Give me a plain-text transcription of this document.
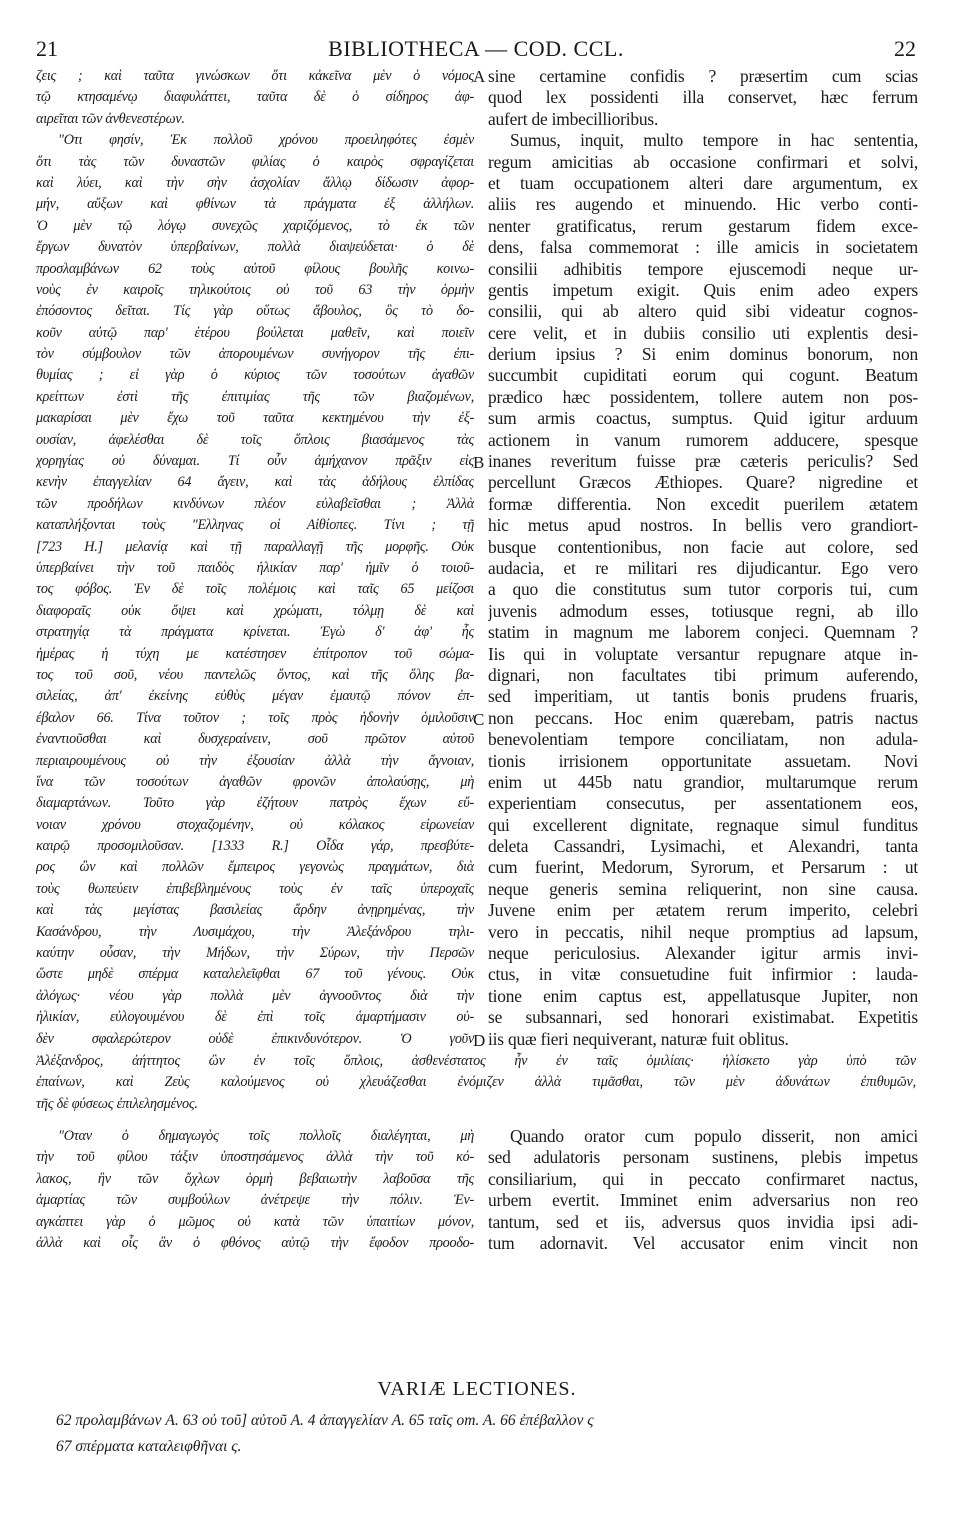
21	BIBLIOTHECA — COD. CCL.	22
ζεις ; καὶ ταῦτα γινώσκων ὅτι κἀκεῖνα μὲν ὁ νόμος
τῷ κτησαμένῳ διαφυλάττει, ταῦτα δὲ ὁ σίδηρος ἀφ-
αιρεῖται τῶν ἀνθενεστέρων.
"Οτι φησίν, Ἐκ πολλοῦ χρόνου προειληφότες ἐσμὲν
ὅτι τὰς τῶν δυναστῶν φιλίας ὁ καιρὸς σφραγίζεται
καὶ λύει, καὶ τὴν σὴν ἀσχολίαν ἄλλῳ δίδωσιν ἀφορ-
μήν, αὔξων καὶ φθίνων τὰ πράγματα ἐξ ἀλλήλων.
Ὁ μὲν τῷ λόγῳ συνεχῶς χαριζόμενος, τὸ ἐκ τῶν
ἔργων δυνατὸν ὑπερβαίνων, πολλὰ διαψεύδεται· ὁ δὲ
προσλαμβάνων 62 τοὺς αὐτοῦ φίλους βουλῆς κοινω-
νοὺς ἐν καιροῖς τηλικούτοις οὐ τοῦ 63 τὴν ὁρμὴν
ἐπόσοντος δεῖται. Τίς γὰρ οὕτως ἄβουλος, ὃς τὸ δο-
κοῦν αὐτῷ παρ' ἑτέρου βούλεται μαθεῖν, καὶ ποιεῖν
τὸν σύμβουλον τῶν ἀπορουμένων συνήγορον τῆς ἐπι-
θυμίας ; εἰ γὰρ ὁ κύριος τῶν τοσούτων ἀγαθῶν
κρείττων ἐστὶ τῆς ἐπιτιμίας τῆς τῶν βιαζομένων,
μακαρίσαι μὲν ἔχω τοῦ ταῦτα κεκτημένου τὴν ἐξ-
ουσίαν, ἀφελέσθαι δὲ τοῖς ὅπλοις βιασάμενος τὰς
χορηγίας οὐ δύναμαι. Τί οὖν ἀμήχανον πρᾶξιν εἰς
κενὴν ἐπαγγελίαν 64 ἄγειν, καὶ τὰς ἀδήλους ἐλπίδας
τῶν προδήλων κινδύνων πλέον εὐλαβεῖσθαι ; Ἀλλὰ
καταπλήξονται τοὺς "Ελληνας οἱ Αἰθίοπες. Τίνι ; τῇ
[723 H.] μελανίᾳ καὶ τῇ παραλλαγῇ τῆς μορφῆς. Οὐκ
ὑπερβαίνει τὴν τοῦ παιδὸς ἡλικίαν παρ' ἡμῖν ὁ τοιοῦ-
τος φόβος. Ἐν δὲ τοῖς πολέμοις καὶ ταῖς 65 μείζοσι
διαφοραῖς οὐκ ὄψει καὶ χρώματι, τόλμῃ δὲ καὶ
στρατηγίᾳ τὰ πράγματα κρίνεται. Ἐγὼ δ' ἀφ' ἧς
ἡμέρας ἡ τύχη με κατέστησεν ἐπίτροπον τοῦ σώμα-
τος τοῦ σοῦ, νέου παντελῶς ὄντος, καὶ τῆς ὅλης βα-
σιλείας, ἀπ' ἐκείνης εὐθὺς μέγαν ἐμαυτῷ πόνον ἐπ-
έβαλον 66. Τίνα τοῦτον ; τοῖς πρὸς ἡδονὴν ὁμιλοῦσιν
ἐναντιοῦσθαι καὶ δυσχεραίνειν, σοῦ πρῶτον αὐτοῦ
περιαιρουμένους οὐ τὴν ἐξουσίαν ἀλλὰ τὴν ἄγνοιαν,
ἵνα τῶν τοσούτων ἀγαθῶν φρονῶν ἀπολαύσῃς, μὴ
διαμαρτάνων. Τοῦτο γὰρ ἐζήτουν πατρὸς ἔχων εὔ-
νοιαν χρόνου στοχαζομένην, οὐ κόλακος εἰρωνείαν
καιρῷ προσομιλοῦσαν. [1333 R.] Οἶδα γάρ, πρεσβύτε-
ρος ὢν καὶ πολλῶν ἔμπειρος γεγονὼς πραγμάτων, διὰ
τοὺς θωπεύειν ἐπιβεβλημένους τοὺς ἐν ταῖς ὑπεροχαῖς
καὶ τὰς μεγίστας βασιλείας ἄρδην ἀνῃρημένας, τὴν
Κασάνδρου, τὴν Λυσιμάχου, τὴν Ἀλεξάνδρου τηλι-
καύτην οὖσαν, τὴν Μήδων, τὴν Σύρων, τὴν Περσῶν
ὥστε μηδὲ σπέρμα καταλελεῖφθαι 67 τοῦ γένους. Οὐκ
ἀλόγως· νέου γὰρ πολλὰ μὲν ἀγνοοῦντος διὰ τὴν
ἡλικίαν, εὐλογουμένου δὲ ἐπὶ τοῖς ἁμαρτήμασιν οὐ-
δὲν σφαλερώτερον οὐδὲ ἐπικινδυνότερον. Ὁ γοῦν
sine certamine confidis ? præsertim cum scias
quod lex possidenti illa conservet, hæc ferrum
aufert de imbecillioribus.
Sumus, inquit, multo tempore in hac sententia,
regum amicitias ab occasione confirmari et solvi,
et tuam occupationem alteri dare argumentum, ex
aliis res augendo et minuendo. Hic verbo conti-
nenter gratificatus, rerum gestarum fidem exce-
dens, falsa commemorat : ille amicis in societatem
consilii adhibitis tempore ejuscemodi neque ur-
gentis impetum exigit. Quis enim adeo expers
consilii, qui ab altero quid sibi videatur cognos-
cere velit, et in dubiis consilio uti explentis desi-
derium ipsius ? Si enim dominus bonorum, non
succumbit cupiditati eorum qui cogunt. Beatum
prædico hæc possidentem, tollere autem non pos-
sum armis coactus, sumptus. Quid igitur arduum
actionem in vanum rumorem adducere, spesque
inanes reveritum fuisse præ cæteris periculis? Sed
percellunt Græcos Æthiopes. Quare? nigredine et
formæ differentia. Non excedit puerilem ætatem
hic metus apud nostros. In bellis vero grandiort-
busque contentionibus, non facie aut colore, sed
audacia, et re militari res dijudicantur. Ego vero
a quo die constitutus sum tutor corporis tui, cum
juvenis admodum esses, totiusque regni, ab illo
statim in magnum me laborem conjeci. Quemnam ?
Iis qui in voluptate versantur repugnare atque in-
dignari, non facultates tibi primum auferendo,
sed imperitiam, ut tantis bonis prudens fruaris,
non peccans. Hoc enim quærebam, patris nactus
benevolentiam tempore conciliatam, non adula-
tionis irrisionem opportunitate assuetam. Novi
enim ut 445b natu grandior, multarumque rerum
experientiam consecutus, per assentationem eos,
qui excellerent dignitate, regnaque simul funditus
deleta Cassandri, Lysimachi, et Alexandri, tanta
cum fuerint, Medorum, Syrorum, et Persarum : ut
neque generis semina reliquerint, non sine causa.
Juvene enim per ætatem rerum imperito, celebri
vero in peccatis, nihil neque promptius ad lapsum,
neque periculosius. Alexander igitur armis invi-
ctus, in vitæ consuetudine fuit infirmior : lauda-
tione enim captus est, appellatusque Jupiter, non
se subsannari, sed honorari existimabat. Expetitis
iis quæ fieri nequiverant, naturæ fuit oblitus.
A
B
C
D
Ἀλέξανδρος, ἀήττητος ὢν ἐν τοῖς ὅπλοις, ἀσθενέστατος ἦν ἐν ταῖς ὁμιλίαις· ἡλίσκετο γὰρ ὑπὸ τῶν
ἐπαίνων, καὶ Ζεὺς καλούμενος οὐ χλευάζεσθαι ἐνόμιζεν ἀλλὰ τιμᾶσθαι, τῶν μὲν ἀδυνάτων ἐπιθυμῶν,
τῆς δὲ φύσεως ἐπιλελησμένος.
"Οταν ὁ δημαγωγὸς τοῖς πολλοῖς διαλέγηται, μὴ
τὴν τοῦ φίλου τάξιν ὑποστησάμενος ἀλλὰ τὴν τοῦ κό-
λακος, ἣν τῶν ὄχλων ὁρμὴ βεβαιωτὴν λαβοῦσα τῆς
ἁμαρτίας τῶν συμβούλων ἀνέτρεψε τὴν πόλιν. Ἐν-
αγκάπτει γὰρ ὁ μῶμος οὐ κατὰ τῶν ὑπαιτίων μόνον,
ἀλλὰ καὶ οἷς ἂν ὁ φθόνος αὐτῷ τὴν ἔφοδον προοδο-
Quando orator cum populo disserit, non amici
sed adulatoris personam sustinens, plebis impetus
consiliarium, qui in peccato confirmaret nactus,
urbem evertit. Imminet enim adversarius non reo
tantum, sed et iis, adversus quos invidia ipsi adi-
tum adornavit. Vel accusator enim vincit non
VARIÆ LECTIONES.
62 προλαμβάνων A. 63 οὐ τοῦ] αὐτοῦ A. 4 ἀπαγγελίαν A. 65 ταῖς om. A. 66 ἐπέβαλλον ς
67 σπέρματα καταλειφθῆναι ς.
